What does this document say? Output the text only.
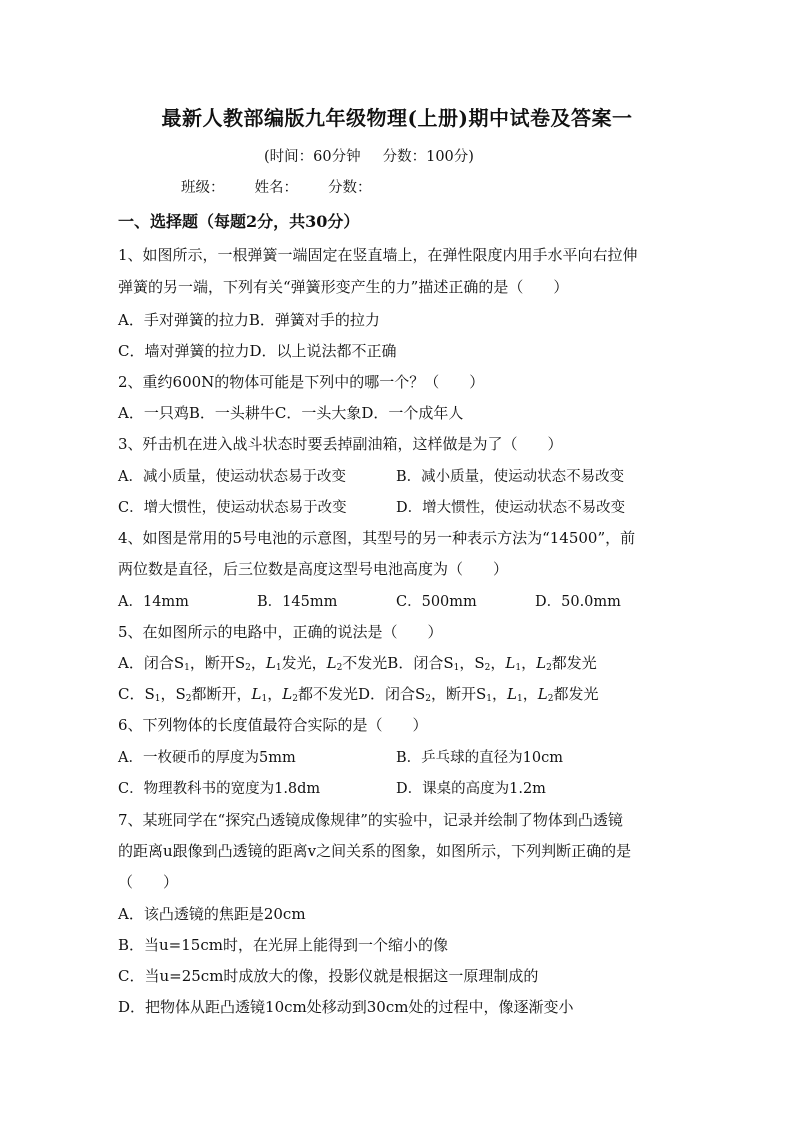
最新人教部编版九年级物理(上册)期中试卷及答案一
(时间：60分钟 分数：100分)
班级： 姓名： 分数：
一、选择题（每题2分，共30分）
1、如图所示，一根弹簧一端固定在竖直墙上，在弹性限度内用手水平向右拉伸
弹簧的另一端，下列有关“弹簧形变产生的力”描述正确的是（　　）
A．手对弹簧的拉力B．弹簧对手的拉力
C．墙对弹簧的拉力D．以上说法都不正确
2、重约600N的物体可能是下列中的哪一个？（　　）
A．一只鸡B．一头耕牛C．一头大象D．一个成年人
3、歼击机在进入战斗状态时要丢掉副油箱，这样做是为了（　　）
A．减小质量，使运动状态易于改变	B．减小质量，使运动状态不易改变
C．增大惯性，使运动状态易于改变	D．增大惯性，使运动状态不易改变
4、如图是常用的5号电池的示意图，其型号的另一种表示方法为“14500”，前
两位数是直径，后三位数是高度这型号电池高度为（　　）
A．14mm	B．145mm	C．500mm	D．50.0mm
5、在如图所示的电路中，正确的说法是（　　）
A．闭合$S_1$，断开$S_2$，$L_1$发光，$L_2$不发光B．闭合$S_1$，$S_2$，$L_1$，$L_2$都发光
C．$S_1$，$S_2$都断开，$L_1$，$L_2$都不发光D．闭合$S_2$，断开$S_1$，$L_1$，$L_2$都发光
6、下列物体的长度值最符合实际的是（　　）
A．一枚硬币的厚度为5mm	B．乒乓球的直径为10cm
C．物理教科书的宽度为1.8dm	D．课桌的高度为1.2m
7、某班同学在“探究凸透镜成像规律”的实验中，记录并绘制了物体到凸透镜
的距离u跟像到凸透镜的距离v之间关系的图象，如图所示，下列判断正确的是
（　　）
A．该凸透镜的焦距是20cm
B．当u=15cm时，在光屏上能得到一个缩小的像
C．当u=25cm时成放大的像，投影仪就是根据这一原理制成的
D．把物体从距凸透镜10cm处移动到30cm处的过程中，像逐渐变小
